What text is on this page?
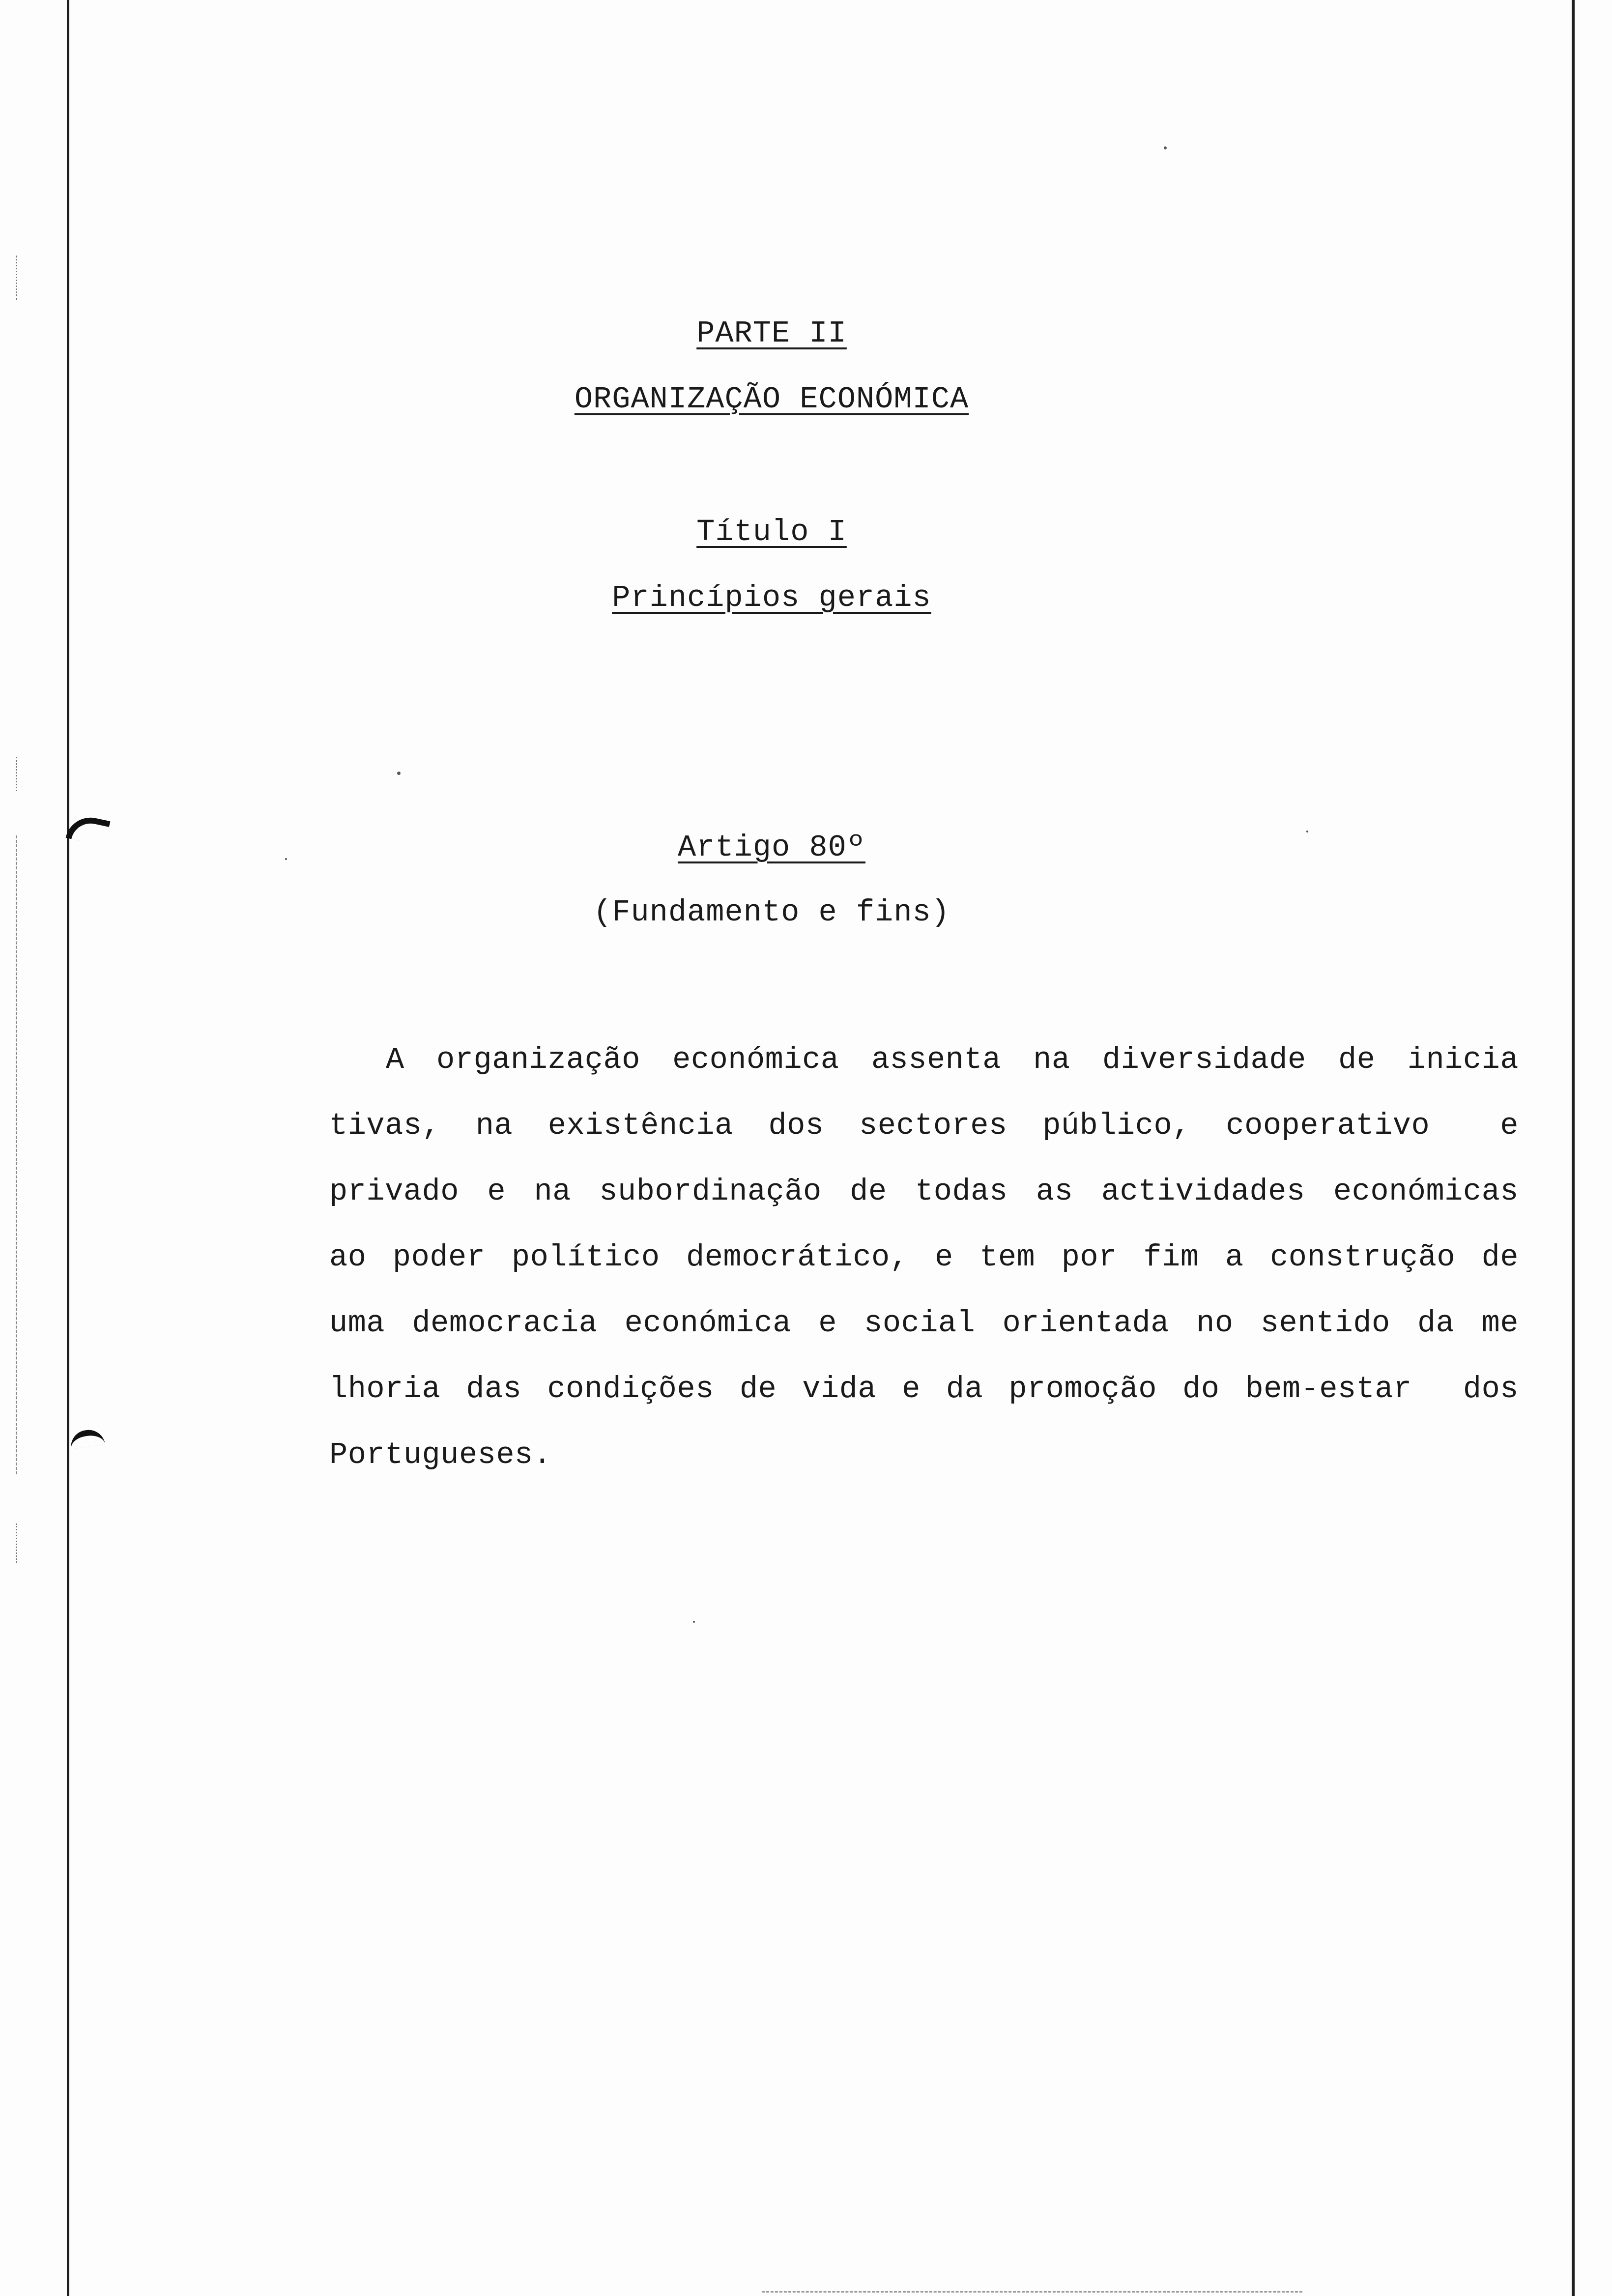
PARTE II
ORGANIZAÇÃO ECONÓMICA
Título I
Princípios gerais
Artigo 80º
(Fundamento e fins)
A organização económica assenta na diversidade de inicia
tivas, na existência dos sectores público, cooperativo  e
privado e na subordinação de todas as actividades económicas
ao poder político democrático, e tem por fim a construção de
uma democracia económica e social orientada no sentido da me
lhoria das condições de vida e da promoção do bem-estar  dos
Portugueses.
